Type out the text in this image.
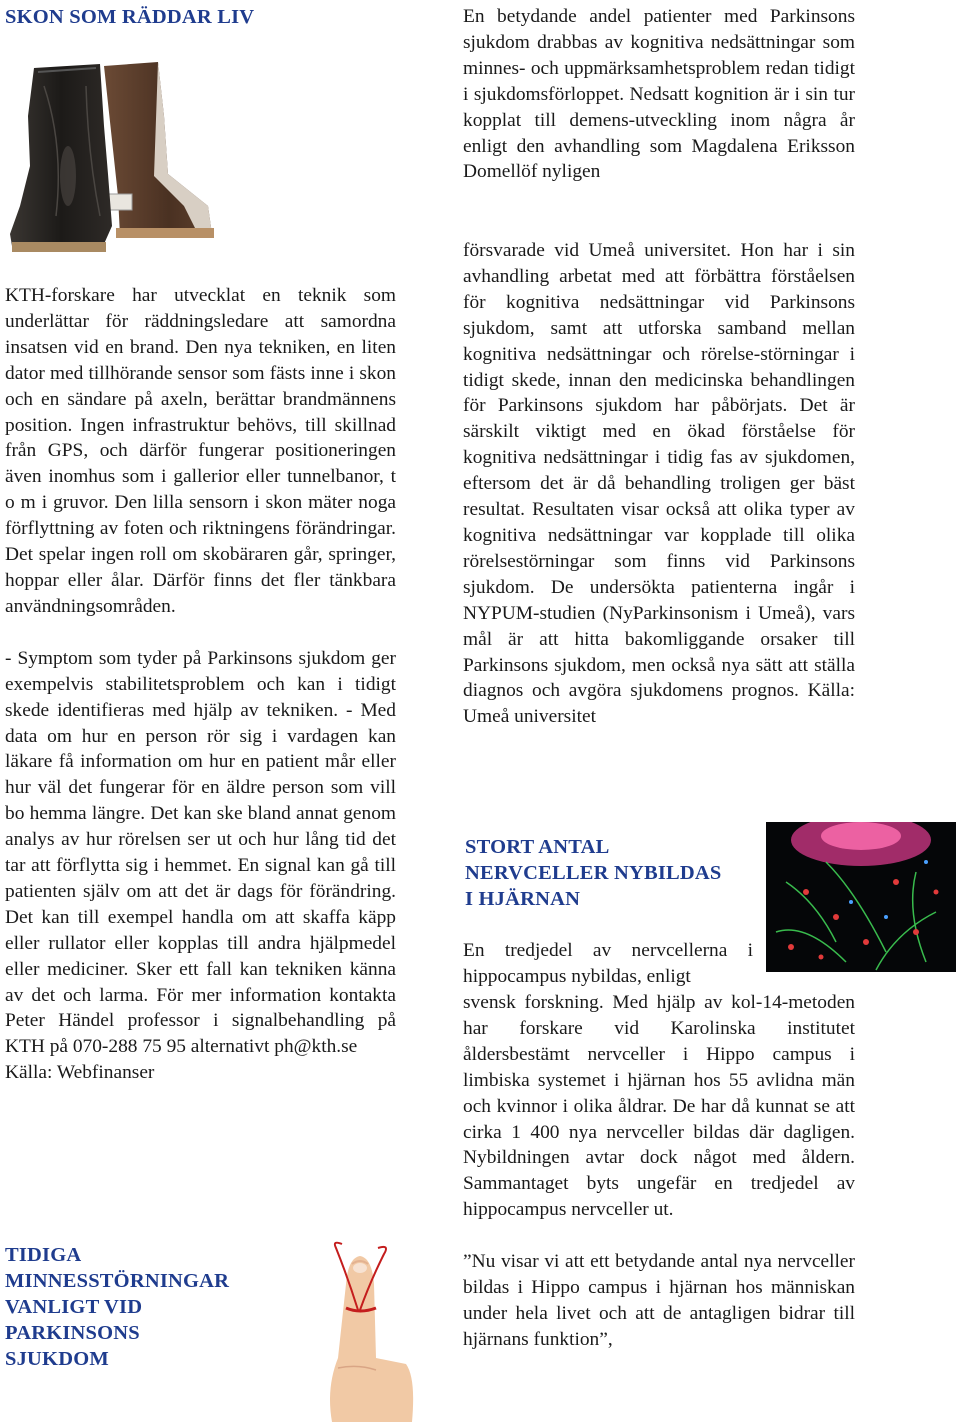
SKON SOM RÄDDAR LIV

KTH-forskare har utvecklat en teknik som underlättar för räddningsledare att samordna insatsen vid en brand. Den nya tekniken, en liten dator med tillhörande sensor som fästs inne i skon och en sändare på axeln, berättar brandmännens position. Ingen infrastruktur behövs, till skillnad från GPS, och därför fungerar positioneringen även inomhus som i gallerior eller tunnelbanor, t o m i gruvor. Den lilla sensorn i skon mäter noga förflyttning av foten och riktningens förändringar. Det spelar ingen roll om skobäraren går, springer, hoppar eller ålar. Därför finns det fler tänkbara användningsområden.

- Symptom som tyder på Parkinsons sjukdom ger exempelvis stabilitetsproblem och kan i tidigt skede identifieras med hjälp av tekniken. - Med data om hur en person rör sig i vardagen kan läkare få information om hur en patient mår eller hur väl det fungerar för en äldre person som vill bo hemma längre. Det kan ske bland annat genom analys av hur rörelsen ser ut och hur lång tid det tar att förflytta sig i hemmet. En signal kan gå till patienten själv om att det är dags för förändring. Det kan till exempel handla om att skaffa käpp eller rullator eller kopplas till andra hjälpmedel eller mediciner. Sker ett fall kan tekniken känna av det och larma. För mer information kontakta Peter Händel professor i signalbehandling på KTH på 070-288 75 95 alternativt ph@kth.se

Källa: Webfinanser

TIDIGA
MINNESSTÖRNINGAR
VANLIGT VID
PARKINSONS
SJUKDOM

En betydande andel patienter med Parkinsons sjukdom drabbas av kognitiva nedsättningar som minnes- och uppmärksamhetsproblem redan tidigt i sjukdomsförloppet. Nedsatt kognition är i sin tur kopplat till demens-utveckling inom några år enligt den avhandling som Magdalena Eriksson Domellöf nyligen

försvarade vid Umeå universitet. Hon har i sin avhandling arbetat med att förbättra förståelsen för kognitiva nedsättningar vid Parkinsons sjukdom, samt att utforska samband mellan kognitiva nedsättningar och rörelse-störningar i tidigt skede, innan den medicinska behandlingen för Parkinsons sjukdom har påbörjats. Det är särskilt viktigt med en ökad förståelse för kognitiva nedsättningar i tidig fas av sjukdomen, eftersom det är då behandling troligen ger bäst resultat. Resultaten visar också att olika typer av kognitiva nedsättningar var kopplade till olika rörelsestörningar som finns vid Parkinsons sjukdom. De undersökta patienterna ingår i NYPUM-studien (NyParkinsonism i Umeå), vars mål är att hitta bakomliggande orsaker till Parkinsons sjukdom, men också nya sätt att ställa diagnos och avgöra sjukdomens prognos. Källa: Umeå universitet

STORT ANTAL
NERVCELLER NYBILDAS
I HJÄRNAN

En tredjedel av nervcellerna i hippocampus nybildas, enligt

svensk forskning. Med hjälp av kol-14-metoden har forskare vid Karolinska institutet åldersbestämt nervceller i Hippo campus i limbiska systemet i hjärnan hos 55 avlidna män och kvinnor i olika åldrar. De har då kunnat se att cirka 1 400 nya nervceller bildas där dagligen. Nybildningen avtar dock något med åldern. Sammantaget byts ungefär en tredjedel av hippocampus nervceller ut.

”Nu visar vi att ett betydande antal nya nervceller bildas i Hippo campus i hjärnan hos människan under hela livet och att de antagligen bidrar till hjärnans funktion”,
